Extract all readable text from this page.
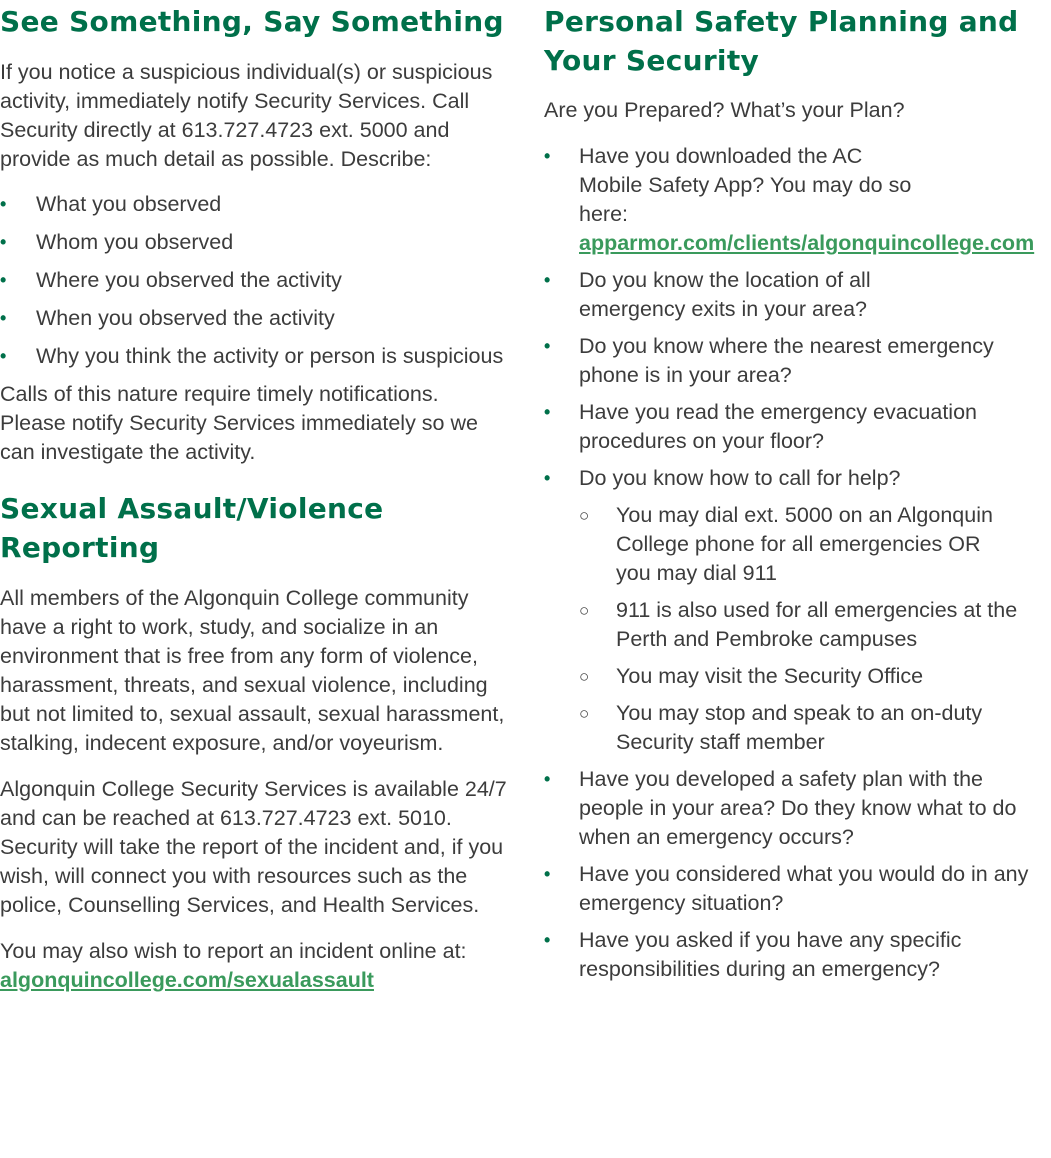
See Something, Say Something

If you notice a suspicious individual(s) or suspicious activity, immediately notify Security Services. Call Security directly at 613.727.4723 ext. 5000 and provide as much detail as possible. Describe:

• What you observed
• Whom you observed
• Where you observed the activity
• When you observed the activity
• Why you think the activity or person is suspicious

Calls of this nature require timely notifications. Please notify Security Services immediately so we can investigate the activity.

Sexual Assault/Violence Reporting

All members of the Algonquin College community have a right to work, study, and socialize in an environment that is free from any form of violence, harassment, threats, and sexual violence, including but not limited to, sexual assault, sexual harassment, stalking, indecent exposure, and/or voyeurism.

Algonquin College Security Services is available 24/7 and can be reached at 613.727.4723 ext. 5010. Security will take the report of the incident and, if you wish, will connect you with resources such as the police, Counselling Services, and Health Services.

You may also wish to report an incident online at: algonquincollege.com/sexualassault

Personal Safety Planning and Your Security

Are you Prepared? What’s your Plan?

• Have you downloaded the AC Mobile Safety App? You may do so here: apparmor.com/clients/algonquincollege.com
• Do you know the location of all emergency exits in your area?
• Do you know where the nearest emergency phone is in your area?
• Have you read the emergency evacuation procedures on your floor?
• Do you know how to call for help?
○ You may dial ext. 5000 on an Algonquin College phone for all emergencies OR you may dial 911
○ 911 is also used for all emergencies at the Perth and Pembroke campuses
○ You may visit the Security Office
○ You may stop and speak to an on-duty Security staff member
• Have you developed a safety plan with the people in your area? Do they know what to do when an emergency occurs?
• Have you considered what you would do in any emergency situation?
• Have you asked if you have any specific responsibilities during an emergency?
